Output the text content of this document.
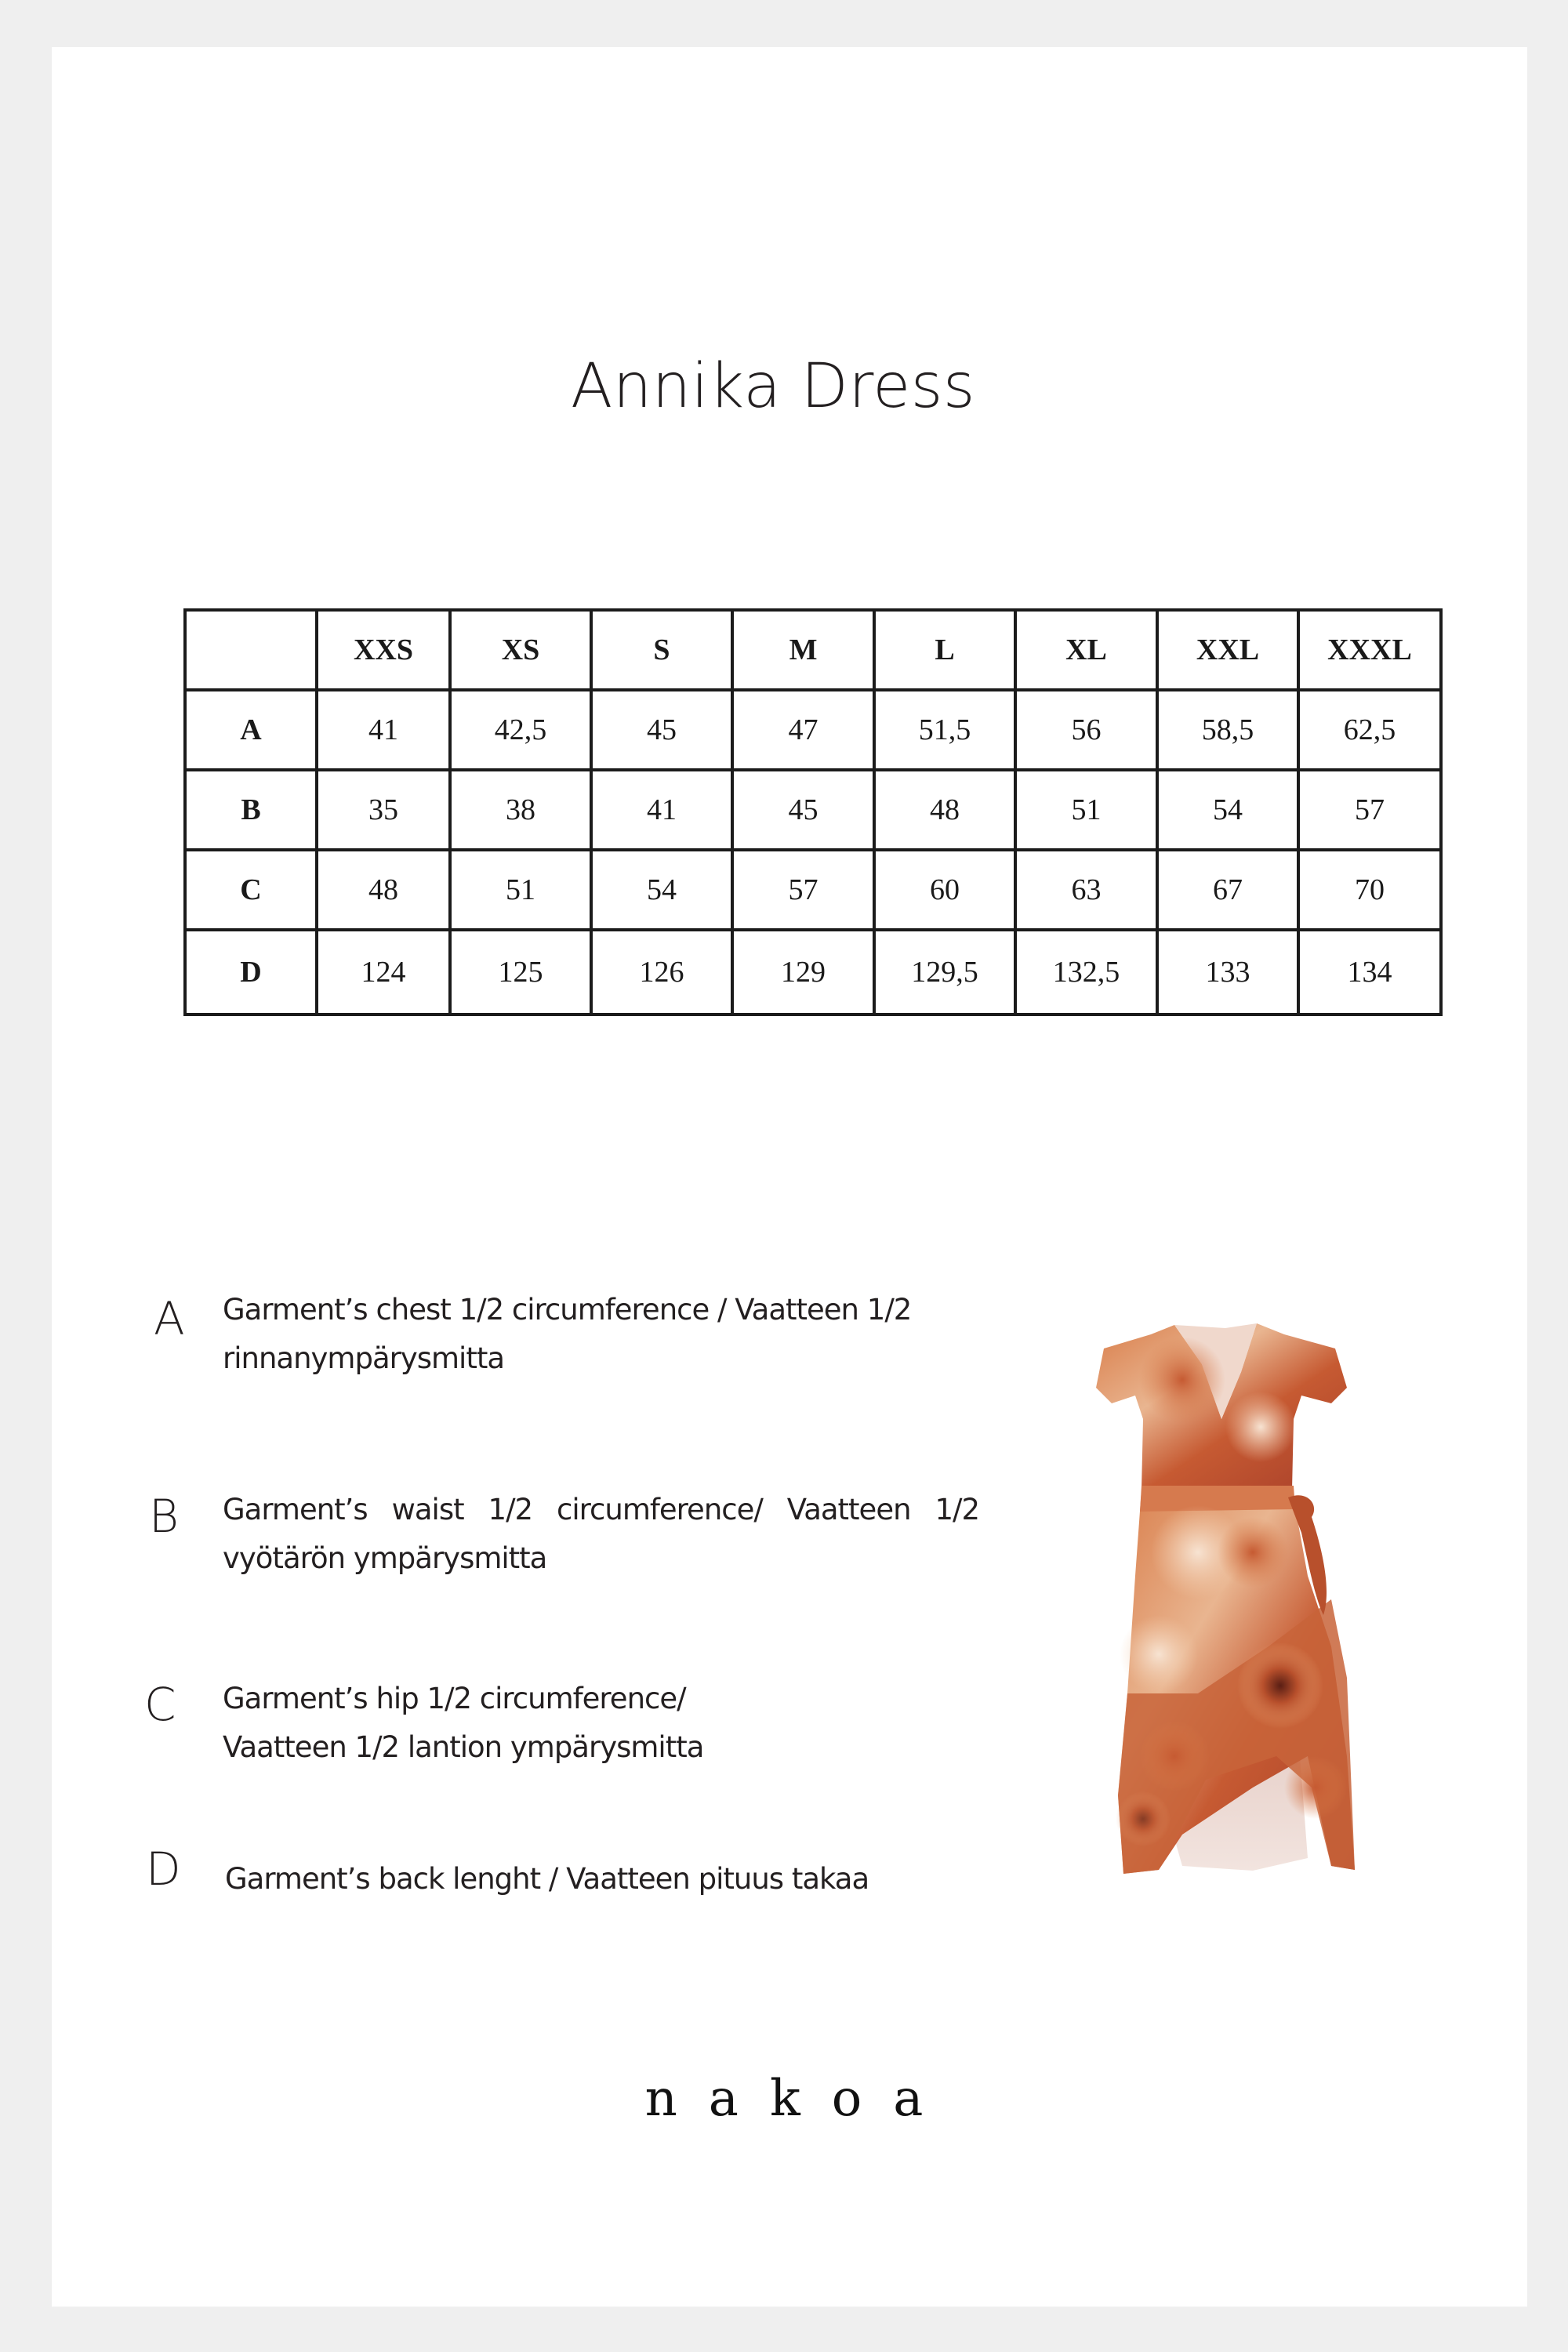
Annika Dress
	XXS	XS	S	M	L	XL	XXL	XXXL
A	41	42,5	45	47	51,5	56	58,5	62,5
B	35	38	41	45	48	51	54	57
C	48	51	54	57	60	63	67	70
D	124	125	126	129	129,5	132,5	133	134
A Garment’s chest 1/2 circumference / Vaatteen 1/2
rinnanympärysmitta
B Garment’s waist 1/2 circumference/ Vaatteen 1/2
vyötärön ympärysmitta
C Garment’s hip 1/2 circumference/
Vaatteen 1/2 lantion ympärysmitta
D Garment’s back lenght / Vaatteen pituus takaa
nakoa
